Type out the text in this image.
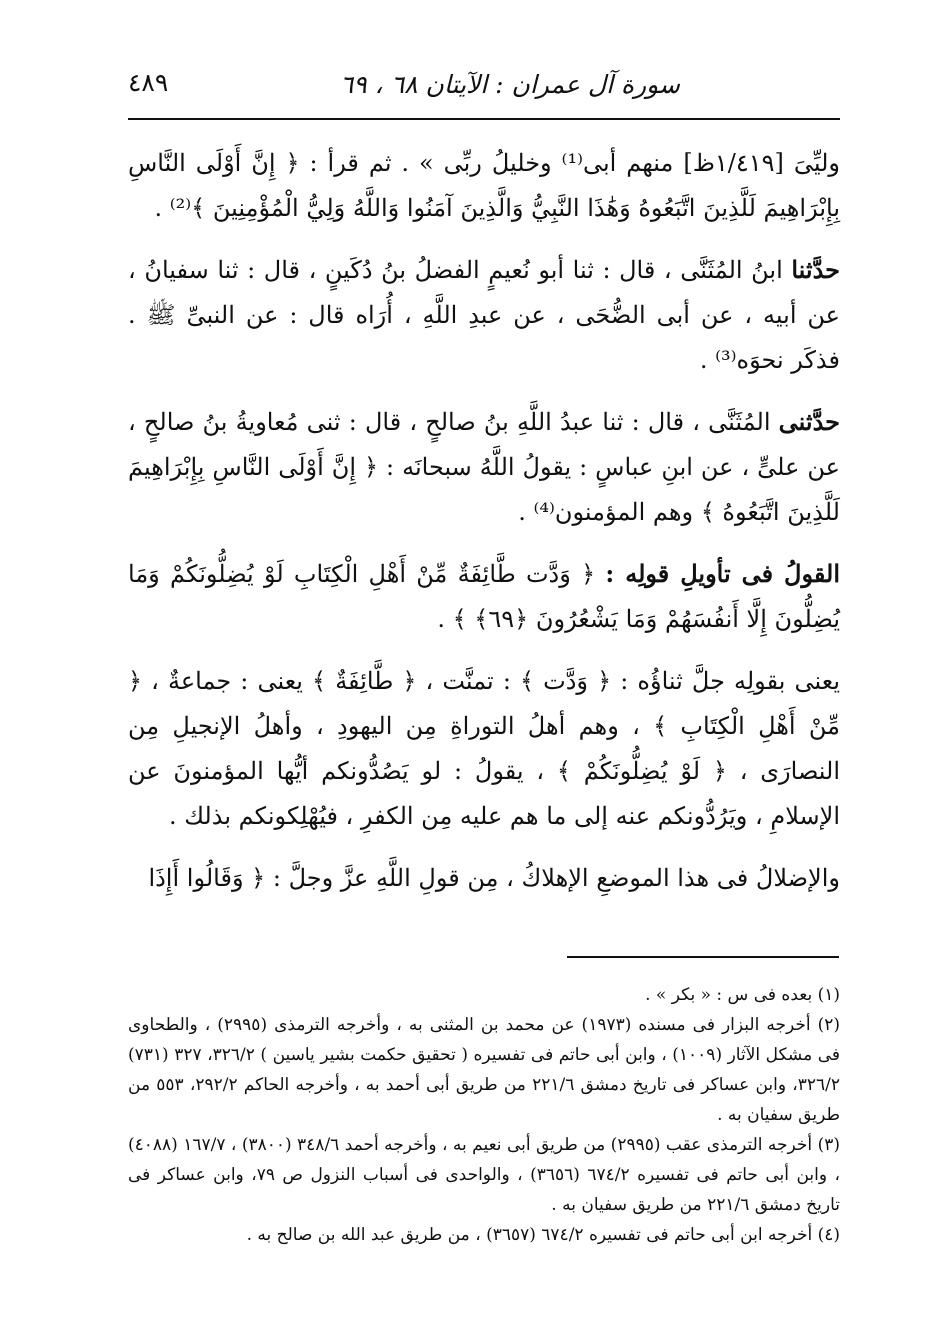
سورة آل عمران : الآيتان ٦٨ ، ٦٩
٤٨٩

وليِّىَ [١/٤١٩ظ] منهم أبى⁽¹⁾ وخليلُ ربِّى » . ثم قرأ : ﴿ إِنَّ أَوْلَى النَّاسِ بِإِبْرَاهِيمَ لَلَّذِينَ اتَّبَعُوهُ وَهَٰذَا النَّبِيُّ وَالَّذِينَ آمَنُوا وَاللَّهُ وَلِيُّ الْمُؤْمِنِينَ ﴾⁽²⁾ .

حدَّثنا ابنُ المُثَنَّى ، قال : ثنا أبو نُعيمٍ الفضلُ بنُ دُكَينٍ ، قال : ثنا سفيانُ ، عن أبيه ، عن أبى الضُّحَى ، عن عبدِ اللَّهِ ، أُرَاه قال : عن النبىِّ ﷺ . فذكَر نحوَه⁽³⁾ .

حدَّثنى المُثَنَّى ، قال : ثنا عبدُ اللَّهِ بنُ صالحٍ ، قال : ثنى مُعاويةُ بنُ صالحٍ ، عن علىٍّ ، عن ابنِ عباسٍ : يقولُ اللَّهُ سبحانَه : ﴿ إِنَّ أَوْلَى النَّاسِ بِإِبْرَاهِيمَ لَلَّذِينَ اتَّبَعُوهُ ﴾ وهم المؤمنون⁽⁴⁾ .

القولُ فى تأويلِ قولِه : ﴿ وَدَّت طَّائِفَةٌ مِّنْ أَهْلِ الْكِتَابِ لَوْ يُضِلُّونَكُمْ وَمَا يُضِلُّونَ إِلَّا أَنفُسَهُمْ وَمَا يَشْعُرُونَ ﴿٦٩﴾ ﴾ .

يعنى بقولِه جلَّ ثناؤُه : ﴿ وَدَّت ﴾ : تمنَّت ، ﴿ طَّائِفَةٌ ﴾ يعنى : جماعةٌ ، ﴿ مِّنْ أَهْلِ الْكِتَابِ ﴾ ، وهم أهلُ التوراةِ مِن اليهودِ ، وأهلُ الإنجيلِ مِن النصارَى ، ﴿ لَوْ يُضِلُّونَكُمْ ﴾ ، يقولُ : لو يَصُدُّونكم أيُّها المؤمنونَ عن الإسلامِ ، ويَرُدُّونكم عنه إلى ما هم عليه مِن الكفرِ ، فيُهْلِكونكم بذلك .

والإضلالُ فى هذا الموضعِ الإهلاكُ ، مِن قولِ اللَّهِ عزَّ وجلَّ : ﴿ وَقَالُوا أَإِذَا

(١) بعده فى س : « بكر » .

(٢) أخرجه البزار فى مسنده (١٩٧٣) عن محمد بن المثنى به ، وأخرجه الترمذى (٢٩٩٥) ، والطحاوى فى مشكل الآثار (١٠٠٩) ، وابن أبى حاتم فى تفسيره ( تحقيق حكمت بشير ياسين ) ٣٢٦/٢، ٣٢٧ (٧٣١) ٣٢٦/٢، وابن عساكر فى تاريخ دمشق ٢٢١/٦ من طريق أبى أحمد به ، وأخرجه الحاكم ٢٩٢/٢، ٥٥٣ من طريق سفيان به .

(٣) أخرجه الترمذى عقب (٢٩٩٥) من طريق أبى نعيم به ، وأخرجه أحمد ٣٤٨/٦ (٣٨٠٠) ، ١٦٧/٧ (٤٠٨٨) ، وابن أبى حاتم فى تفسيره ٦٧٤/٢ (٣٦٥٦) ، والواحدى فى أسباب النزول ص ٧٩، وابن عساكر فى تاريخ دمشق ٢٢١/٦ من طريق سفيان به .

(٤) أخرجه ابن أبى حاتم فى تفسيره ٦٧٤/٢ (٣٦٥٧) ، من طريق عبد الله بن صالح به .
